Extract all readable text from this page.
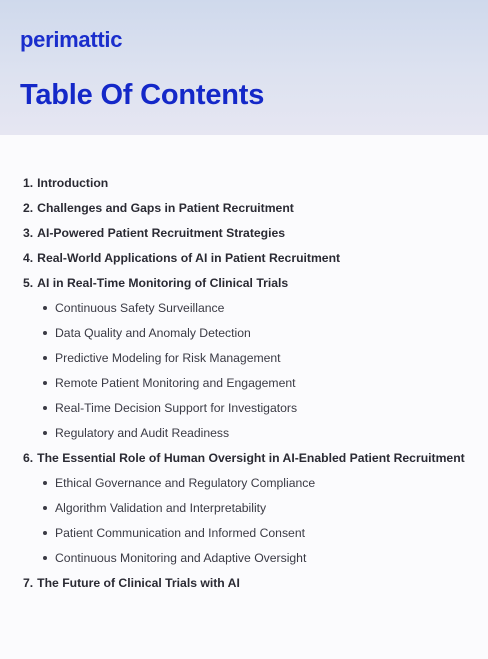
perimattic
Table Of Contents
1. Introduction
2. Challenges and Gaps in Patient Recruitment
3. AI-Powered Patient Recruitment Strategies
4. Real-World Applications of AI in Patient Recruitment
5. AI in Real-Time Monitoring of Clinical Trials
Continuous Safety Surveillance
Data Quality and Anomaly Detection
Predictive Modeling for Risk Management
Remote Patient Monitoring and Engagement
Real-Time Decision Support for Investigators
Regulatory and Audit Readiness
6. The Essential Role of Human Oversight in AI-Enabled Patient Recruitment
Ethical Governance and Regulatory Compliance
Algorithm Validation and Interpretability
Patient Communication and Informed Consent
Continuous Monitoring and Adaptive Oversight
7. The Future of Clinical Trials with AI
